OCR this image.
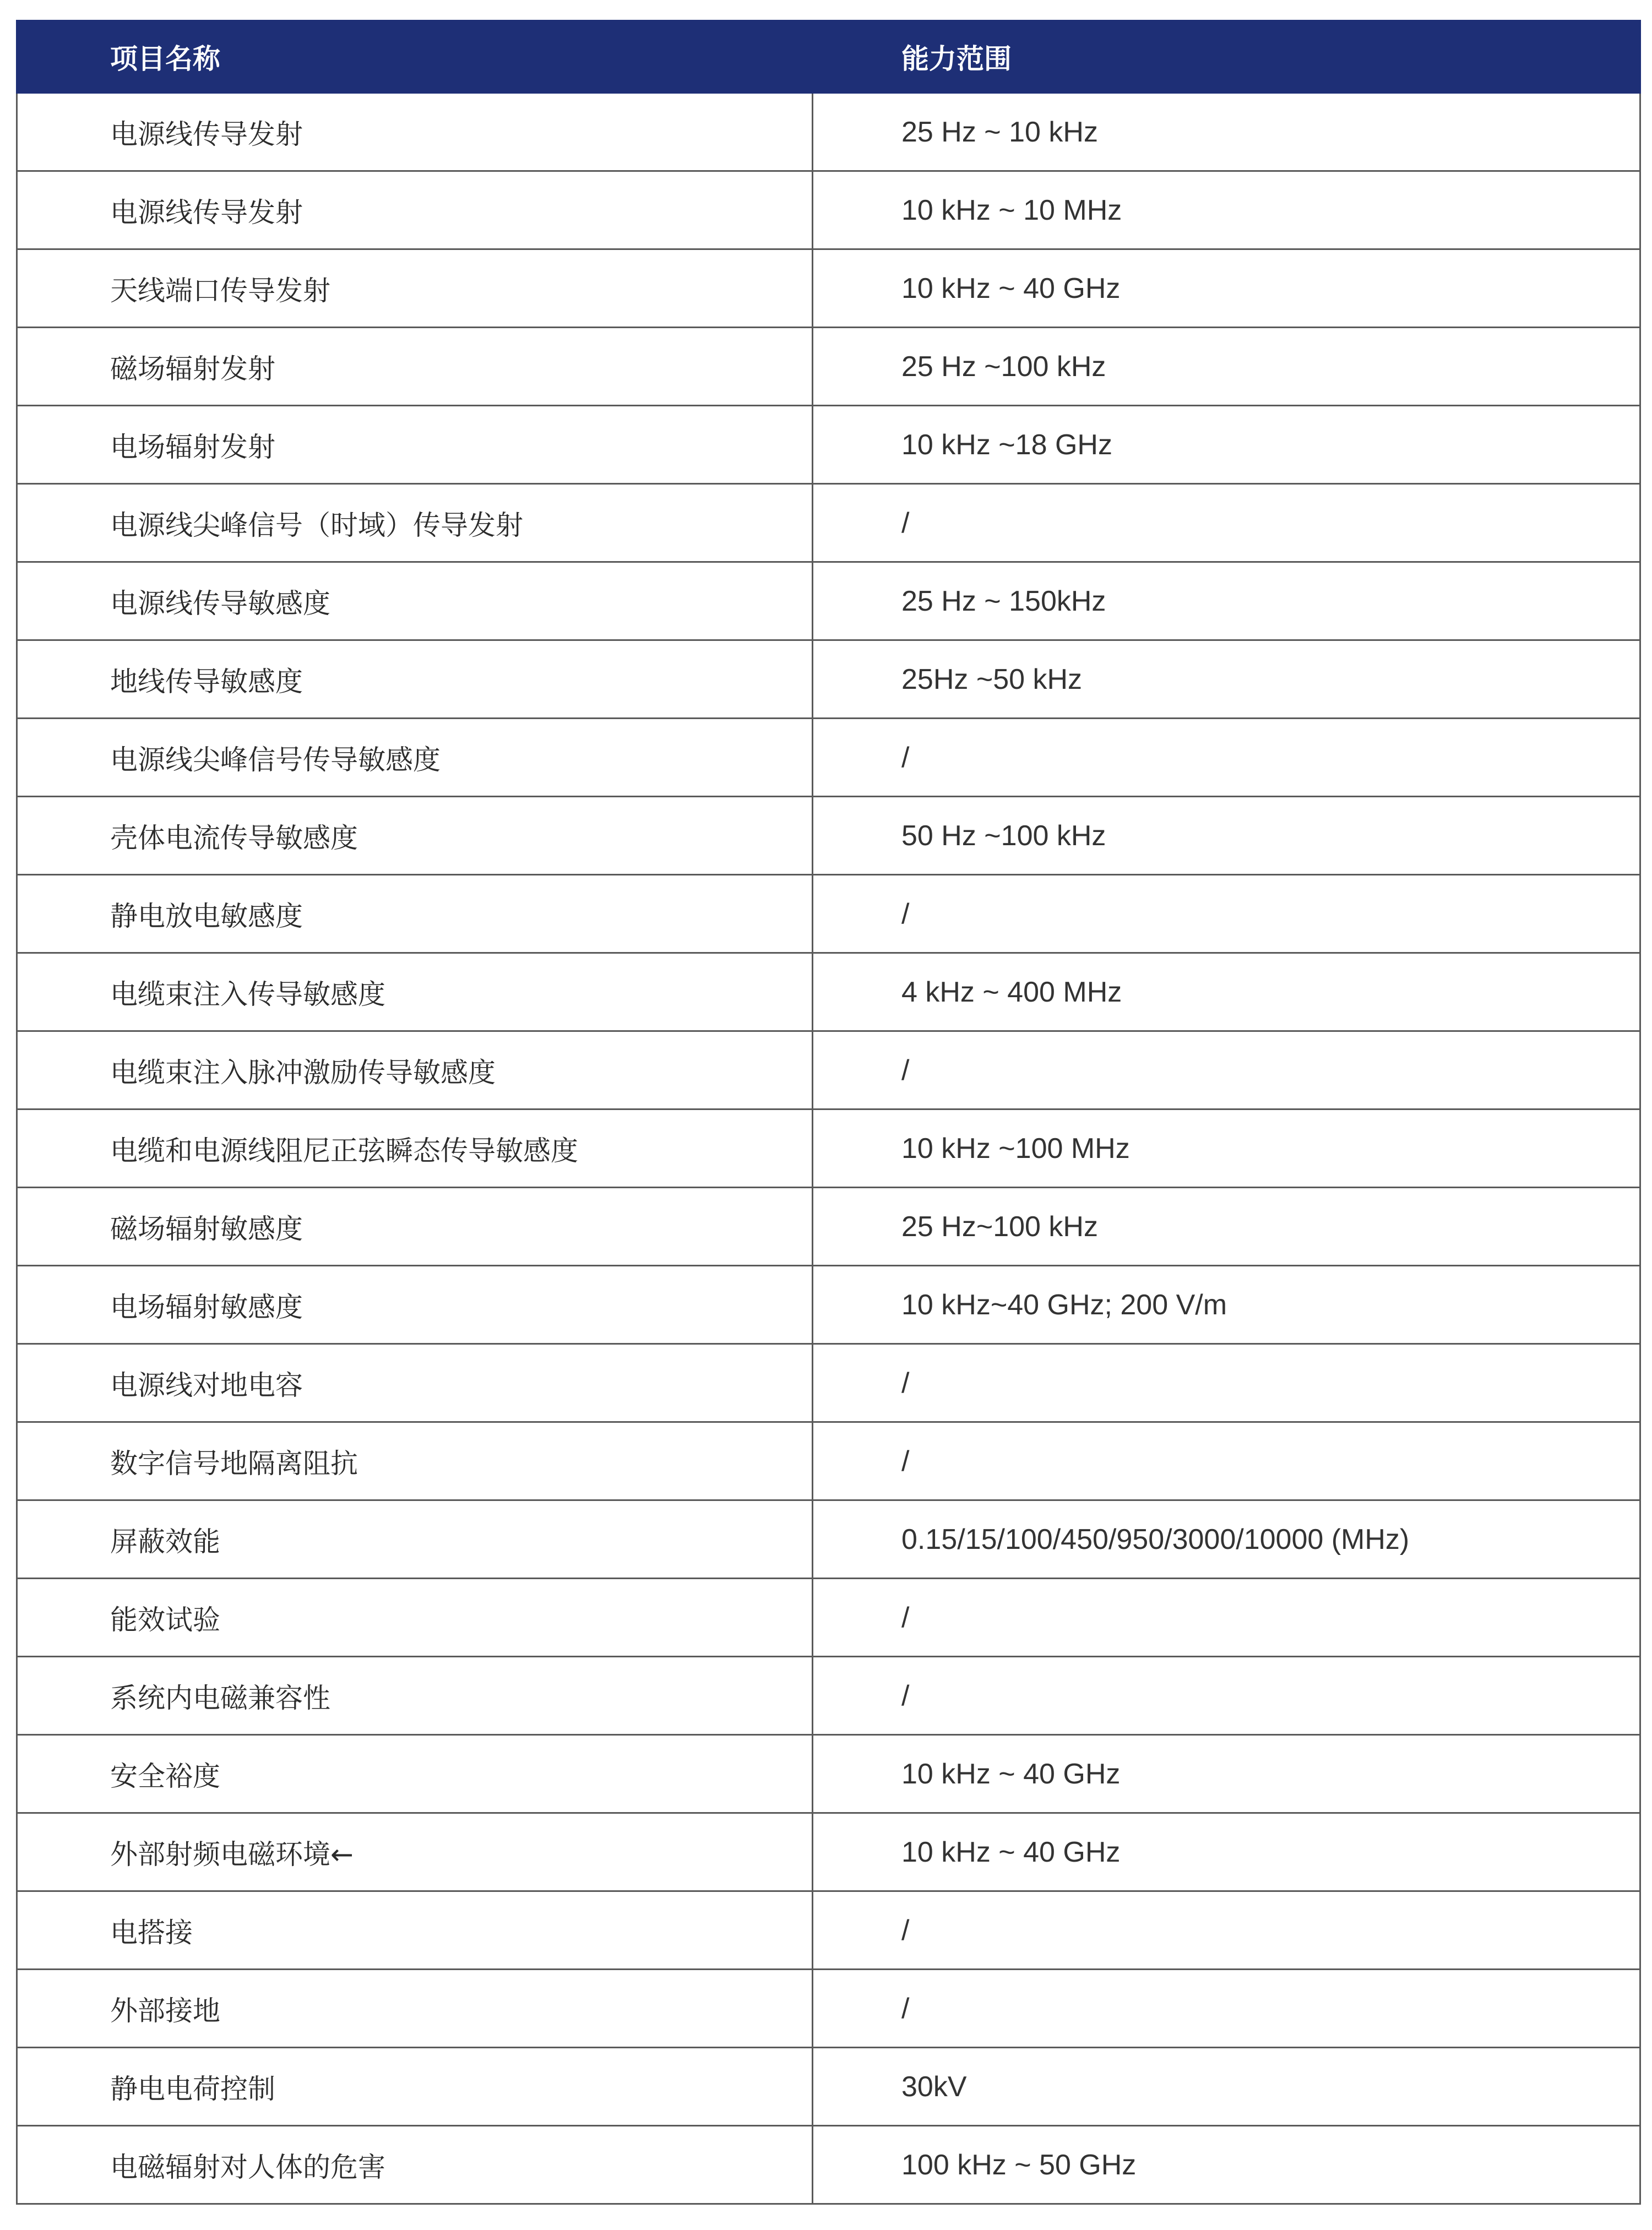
项目名称	能力范围
电源线传导发射	25 Hz ~ 10 kHz
电源线传导发射	10 kHz ~ 10 MHz
天线端口传导发射	10 kHz ~ 40 GHz
磁场辐射发射	25 Hz ~100 kHz
电场辐射发射	10 kHz ~18 GHz
电源线尖峰信号（时域）传导发射	/
电源线传导敏感度	25 Hz ~ 150kHz
地线传导敏感度	25Hz ~50 kHz
电源线尖峰信号传导敏感度	/
壳体电流传导敏感度	50 Hz ~100 kHz
静电放电敏感度	/
电缆束注入传导敏感度	4 kHz ~ 400 MHz
电缆束注入脉冲激励传导敏感度	/
电缆和电源线阻尼正弦瞬态传导敏感度	10 kHz ~100 MHz
磁场辐射敏感度	25 Hz~100 kHz
电场辐射敏感度	10 kHz~40 GHz; 200 V/m
电源线对地电容	/
数字信号地隔离阻抗	/
屏蔽效能	0.15/15/100/450/950/3000/10000 (MHz)
能效试验	/
系统内电磁兼容性	/
安全裕度	10 kHz ~ 40 GHz
外部射频电磁环境←	10 kHz ~ 40 GHz
电搭接	/
外部接地	/
静电电荷控制	30kV
电磁辐射对人体的危害	100 kHz ~ 50 GHz
